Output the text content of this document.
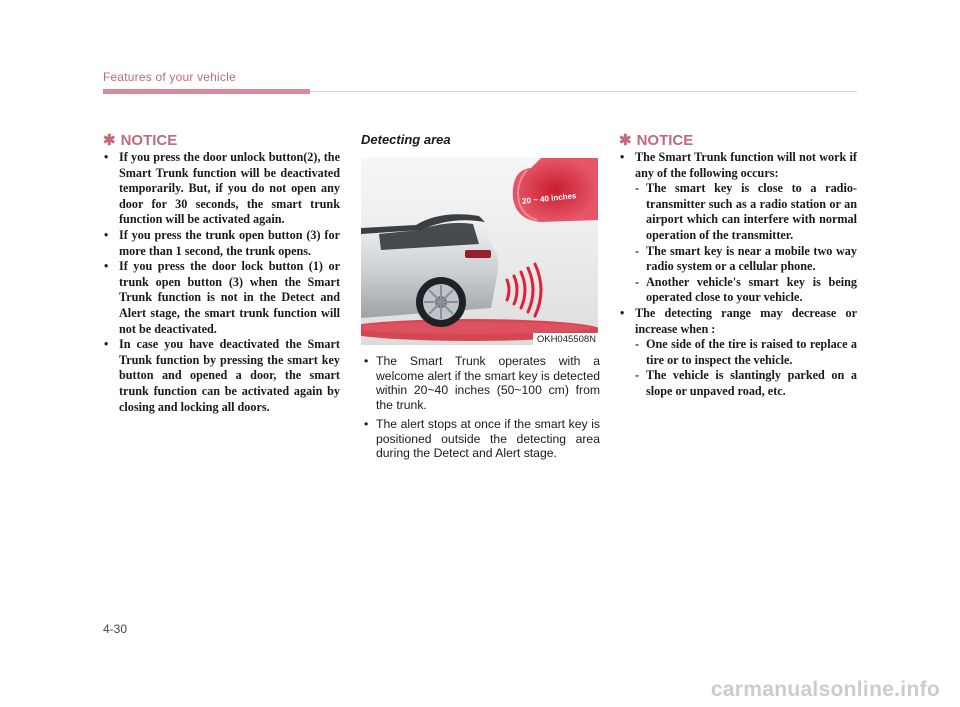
Features of your vehicle
✱ NOTICE
• If you press the door unlock button(2), the Smart Trunk function will be deactivated temporarily. But, if you do not open any door for 30 seconds, the smart trunk function will be activated again.
• If you press the trunk open button (3) for more than 1 second, the trunk opens.
• If you press the door lock button (1) or trunk open button (3) when the Smart Trunk function is not in the Detect and Alert stage, the smart trunk function will not be deactivated.
• In case you have deactivated the Smart Trunk function by pressing the smart key button and opened a door, the smart trunk function can be activated again by closing and locking all doors.
Detecting area
20 ~ 40 inches
OKH045508N
• The Smart Trunk operates with a welcome alert if the smart key is detected within 20~40 inches (50~100 cm) from the trunk.
• The alert stops at once if the smart key is positioned outside the detecting area during the Detect and Alert stage.
✱ NOTICE
• The Smart Trunk function will not work if any of the following occurs:
- The smart key is close to a radio-transmitter such as a radio station or an airport which can interfere with normal operation of the transmitter.
- The smart key is near a mobile two way radio system or a cellular phone.
- Another vehicle's smart key is being operated close to your vehicle.
• The detecting range may decrease or increase when :
- One side of the tire is raised to replace a tire or to inspect the vehicle.
- The vehicle is slantingly parked on a slope or unpaved road, etc.
4-30
carmanualsonline.info
